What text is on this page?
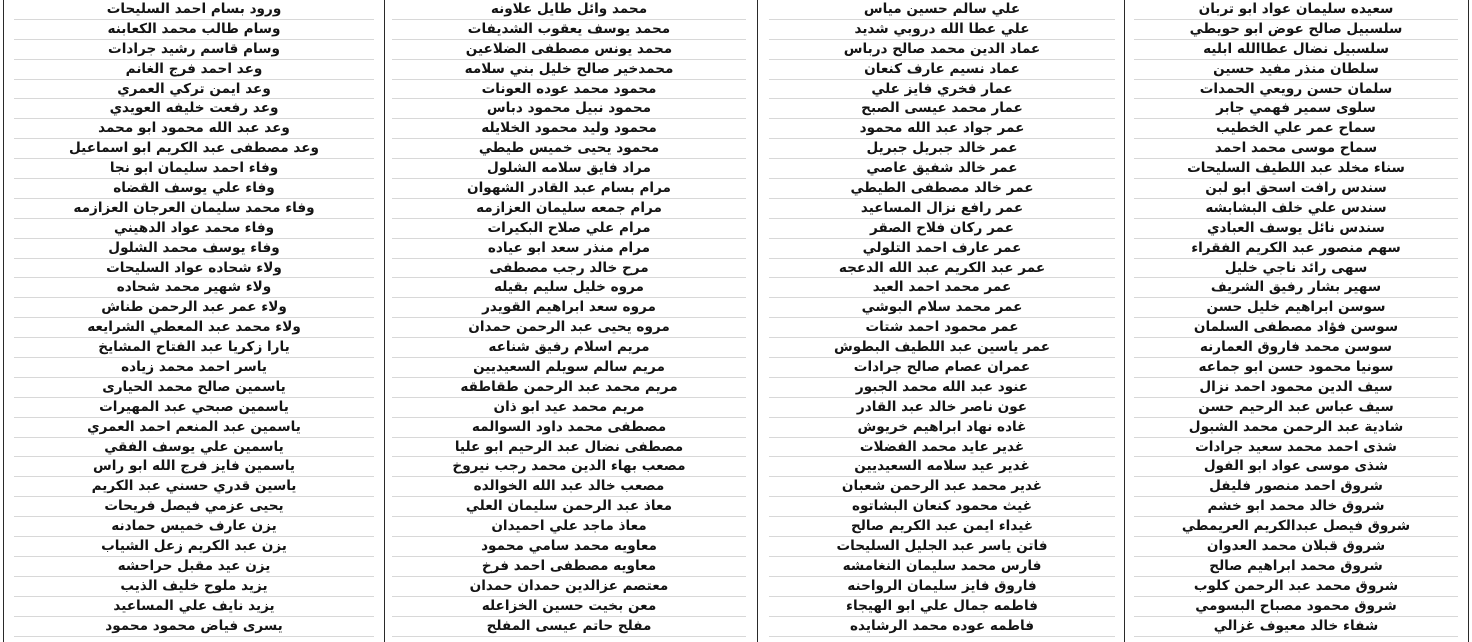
سعيده سليمان عواد ابو تربان
سلسبيل صالح عوض ابو حويطي
سلسبيل نضال عطاالله ابليه
سلطان منذر مفيد حسين
سلمان حسن رويعي الحمدات
سلوى سمير فهمي جابر
سماح عمر علي الخطيب
سماح موسى محمد احمد
سناء مخلد عبد اللطيف السليحات
سندس رافت اسحق ابو لبن
سندس علي خلف البشابشه
سندس نائل يوسف العبادي
سهم منصور عبد الكريم الفقراء
سهى رائد ناجي خليل
سهير بشار رفيق الشريف
سوسن ابراهيم خليل حسن
سوسن فؤاد مصطفى السلمان
سوسن محمد فاروق العمارنه
سونيا محمود حسن ابو جماعه
سيف الدين محمود احمد نزال
سيف عباس عبد الرحيم حسن
شادية عبد الرحمن محمد الشبول
شذى احمد محمد سعيد جرادات
شذى موسى عواد ابو الفول
شروق احمد منصور فليفل
شروق خالد محمد ابو خشم
شروق فيصل عبدالكريم العريمطي
شروق قبلان محمد العدوان
شروق محمد ابراهيم صالح
شروق محمد عبد الرحمن كلوب
شروق محمود مصباح البسومي
شفاء خالد معيوف غزالي
علي سالم حسين مياس
علي عطا الله دروبي شديد
عماد الدين محمد صالح درباس
عماد نسيم عارف كنعان
عمار فخري فايز علي
عمار محمد عيسى الصبح
عمر جواد عبد الله محمود
عمر خالد جبريل جبريل
عمر خالد شفيق عاصي
عمر خالد مصطفى الطيطي
عمر رافع نزال المساعيد
عمر ركان فلاح الصقر
عمر عارف احمد التلولي
عمر عبد الكريم عبد الله الدعجه
عمر محمد احمد العيد
عمر محمد سلام البوشي
عمر محمود احمد شتات
عمر ياسين عبد اللطيف البطوش
عمران عصام صالح جرادات
عنود عبد الله محمد الجبور
عون ناصر خالد عبد القادر
غاده نهاد ابراهيم خريوش
غدير عايد محمد الفضلات
غدير عيد سلامه السعيديين
غدير محمد عبد الرحمن شعبان
غيث محمود كنعان البشاتوه
غيداء ايمن عبد الكريم صالح
فاتن ياسر عبد الجليل السليحات
فارس محمد سليمان النغامشه
فاروق فايز سليمان الرواحنه
فاطمه جمال علي ابو الهيجاء
فاطمه عوده محمد الرشايده
محمد وائل طايل علاونه
محمد يوسف يعقوب الشديفات
محمد يونس مصطفى الضلاعين
محمدخير صالح خليل بني سلامه
محمود محمد عوده العونات
محمود نبيل محمود دباس
محمود وليد محمود الخلايله
محمود يحيى خميس طيطي
مراد فايق سلامه الشلول
مرام بسام عبد القادر الشهوان
مرام جمعه سليمان العزازمه
مرام علي صلاح البكيرات
مرام منذر سعد ابو عياده
مرح خالد رجب مصطفى
مروه خليل سليم بقيله
مروه سعد ابراهيم القويدر
مروه يحيى عبد الرحمن حمدان
مريم اسلام رفيق شناعه
مريم سالم سويلم السعيديين
مريم محمد عبد الرحمن طقاطقه
مريم محمد عيد ابو ذان
مصطفى محمد داود السوالمه
مصطفى نضال عبد الرحيم ابو عليا
مصعب بهاء الدين محمد رجب نيروخ
مصعب خالد عبد الله الخوالده
معاذ عبد الرحمن سليمان العلي
معاذ ماجد علي احميدان
معاويه محمد سامي محمود
معاويه مصطفى احمد فرخ
معتصم عزالدين حمدان حمدان
معن بخيت حسين الخزاعله
مفلح حاتم عيسى المفلح
ورود بسام احمد السليحات
وسام طالب محمد الكعابنه
وسام قاسم رشيد جرادات
وعد احمد فرج الغانم
وعد ايمن تركي العمري
وعد رفعت خليفه العويدي
وعد عبد الله محمود ابو محمد
وعد مصطفى عبد الكريم ابو اسماعيل
وفاء احمد سليمان ابو نجا
وفاء علي يوسف القضاه
وفاء محمد سليمان العرجان العزازمه
وفاء محمد عواد الدهيني
وفاء يوسف محمد الشلول
ولاء شحاده عواد السليحات
ولاء شهير محمد شحاده
ولاء عمر عبد الرحمن طناش
ولاء محمد عبد المعطي الشرايعه
يارا زكريا عبد الفتاح المشايخ
ياسر احمد محمد زياده
ياسمين صالح محمد الحيارى
ياسمين صبحي عبد المهيرات
ياسمين عبد المنعم احمد العمري
ياسمين علي يوسف الفقي
ياسمين فايز فرج الله ابو راس
ياسين قدري حسني عبد الكريم
يحيى عزمي فيصل فريحات
يزن عارف خميس حمادنه
يزن عبد الكريم زعل الشياب
يزن عيد مقبل حراحشه
يزيد ملوح خليف الذيب
يزيد نايف علي المساعيد
يسرى فياض محمود محمود
